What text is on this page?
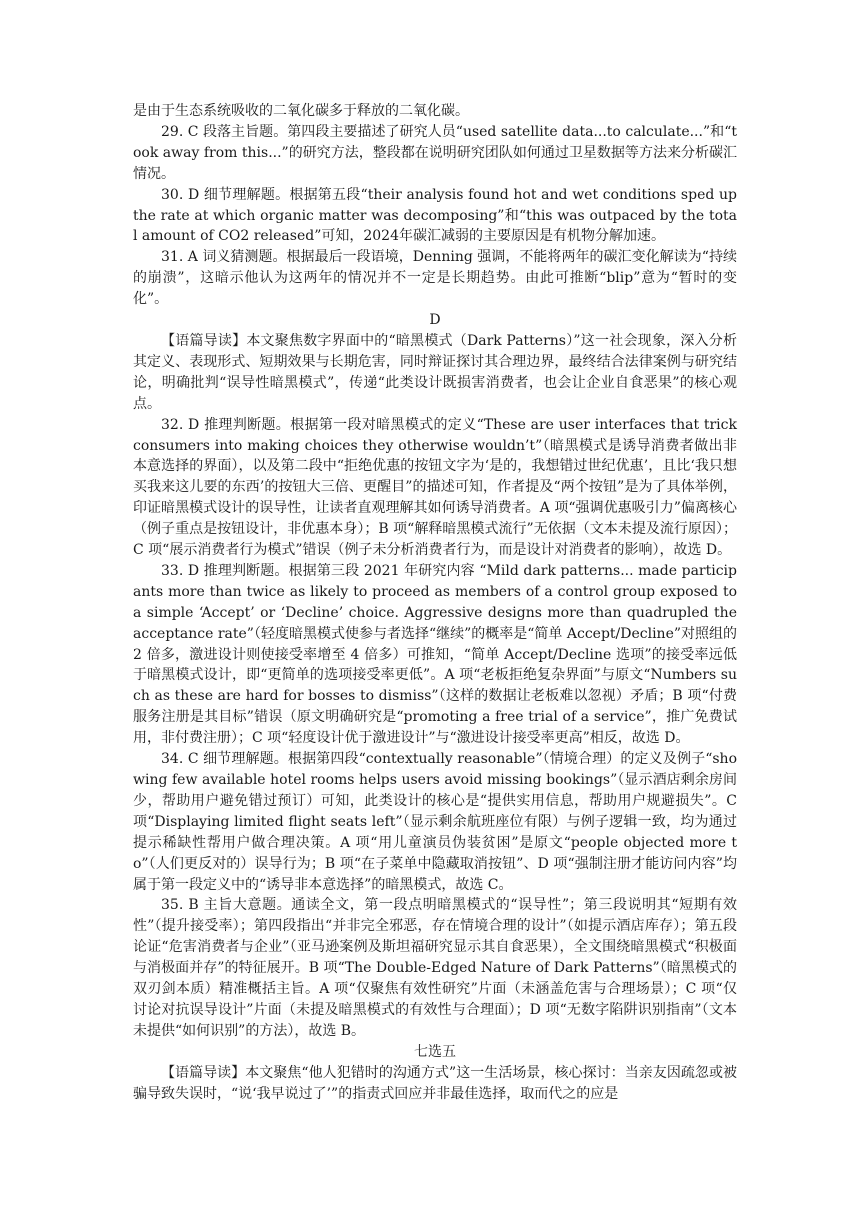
是由于生态系统吸收的二氧化碳多于释放的二氧化碳。

29. C 段落主旨题。第四段主要描述了研究人员“used satellite data...to calculate...”和“took away from this...”的研究方法，整段都在说明研究团队如何通过卫星数据等方法来分析碳汇情况。

30. D 细节理解题。根据第五段“their analysis found hot and wet conditions sped up the rate at which organic matter was decomposing”和“this was outpaced by the total amount of CO2 released”可知，2024年碳汇减弱的主要原因是有机物分解加速。

31. A 词义猜测题。根据最后一段语境，Denning 强调，不能将两年的碳汇变化解读为“持续的崩溃”，这暗示他认为这两年的情况并不一定是长期趋势。由此可推断“blip”意为“暂时的变化”。

D

【语篇导读】本文聚焦数字界面中的“暗黑模式（Dark Patterns）”这一社会现象，深入分析其定义、表现形式、短期效果与长期危害，同时辩证探讨其合理边界，最终结合法律案例与研究结论，明确批判“误导性暗黑模式”，传递“此类设计既损害消费者，也会让企业自食恶果”的核心观点。

32. D 推理判断题。根据第一段对暗黑模式的定义“These are user interfaces that trick consumers into making choices they otherwise wouldn’t”（暗黑模式是诱导消费者做出非本意选择的界面），以及第二段中“拒绝优惠的按钮文字为‘是的，我想错过世纪优惠’，且比‘我只想买我来这儿要的东西’的按钮大三倍、更醒目”的描述可知，作者提及“两个按钮”是为了具体举例，印证暗黑模式设计的误导性，让读者直观理解其如何诱导消费者。A 项“强调优惠吸引力”偏离核心（例子重点是按钮设计，非优惠本身）；B 项“解释暗黑模式流行”无依据（文本未提及流行原因）；C 项“展示消费者行为模式”错误（例子未分析消费者行为，而是设计对消费者的影响），故选 D。

33. D 推理判断题。根据第三段 2021 年研究内容 “Mild dark patterns... made participants more than twice as likely to proceed as members of a control group exposed to a simple ‘Accept’ or ‘Decline’ choice. Aggressive designs more than quadrupled the acceptance rate”（轻度暗黑模式使参与者选择“继续”的概率是“简单 Accept/Decline”对照组的 2 倍多，激进设计则使接受率增至 4 倍多）可推知，“简单 Accept/Decline 选项”的接受率远低于暗黑模式设计，即“更简单的选项接受率更低”。A 项“老板拒绝复杂界面”与原文“Numbers such as these are hard for bosses to dismiss”（这样的数据让老板难以忽视）矛盾；B 项“付费服务注册是其目标”错误（原文明确研究是“promoting a free trial of a service”，推广免费试用，非付费注册）；C 项“轻度设计优于激进设计”与“激进设计接受率更高”相反，故选 D。

34. C 细节理解题。根据第四段“contextually reasonable”（情境合理）的定义及例子“showing few available hotel rooms helps users avoid missing bookings”（显示酒店剩余房间少，帮助用户避免错过预订）可知，此类设计的核心是“提供实用信息，帮助用户规避损失”。C 项“Displaying limited flight seats left”（显示剩余航班座位有限）与例子逻辑一致，均为通过提示稀缺性帮用户做合理决策。A 项“用儿童演员伪装贫困”是原文“people objected more to”（人们更反对的）误导行为；B 项“在子菜单中隐藏取消按钮”、D 项“强制注册才能访问内容”均属于第一段定义中的“诱导非本意选择”的暗黑模式，故选 C。

35. B 主旨大意题。通读全文，第一段点明暗黑模式的“误导性”；第三段说明其“短期有效性”（提升接受率）；第四段指出“并非完全邪恶，存在情境合理的设计”（如提示酒店库存）；第五段论证“危害消费者与企业”（亚马逊案例及斯坦福研究显示其自食恶果），全文围绕暗黑模式“积极面与消极面并存”的特征展开。B 项“The Double-Edged Nature of Dark Patterns”（暗黑模式的双刃剑本质）精准概括主旨。A 项“仅聚焦有效性研究”片面（未涵盖危害与合理场景）；C 项“仅讨论对抗误导设计”片面（未提及暗黑模式的有效性与合理面）；D 项“无数字陷阱识别指南”（文本未提供“如何识别”的方法），故选 B。

七选五

【语篇导读】本文聚焦“他人犯错时的沟通方式”这一生活场景，核心探讨：当亲友因疏忽或被骗导致失误时，“说‘我早说过了’”的指责式回应并非最佳选择，取而代之的应是
